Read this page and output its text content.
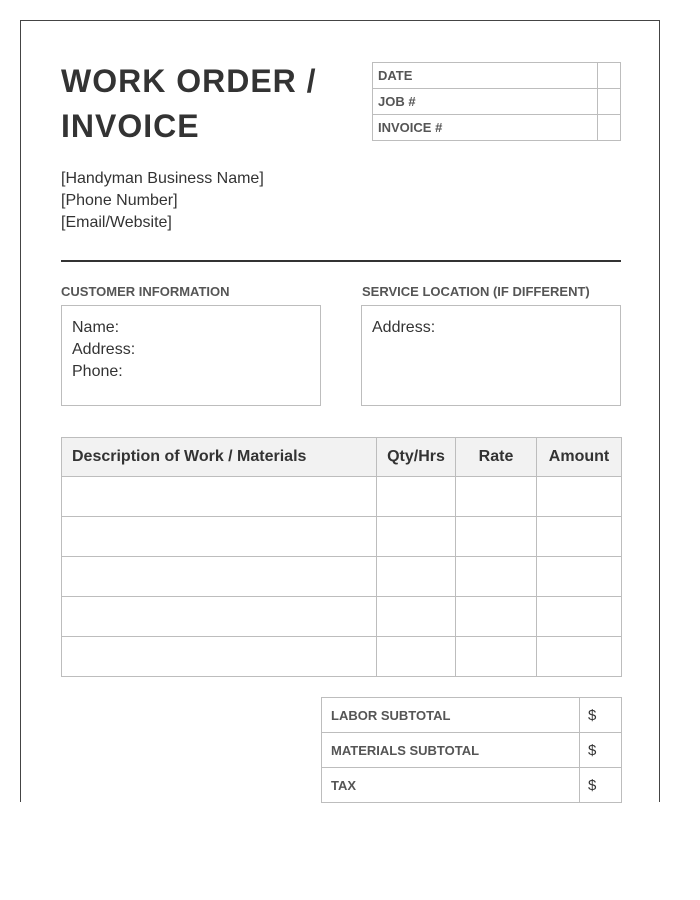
WORK ORDER /
INVOICE
DATE	
JOB #	
INVOICE #	
[Handyman Business Name]
[Phone Number]
[Email/Website]
CUSTOMER INFORMATION	SERVICE LOCATION (IF DIFFERENT)
Name:
Address:
Phone:
Address:
Description of Work / Materials	Qty/Hrs	Rate	Amount

LABOR SUBTOTAL	$
MATERIALS SUBTOTAL	$
TAX	$
